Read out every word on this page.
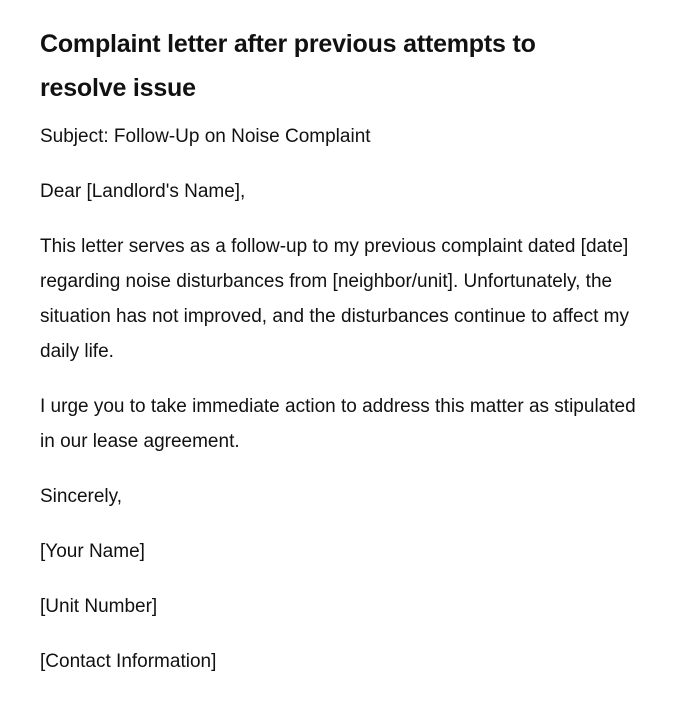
Complaint letter after previous attempts to resolve issue

Subject: Follow-Up on Noise Complaint

Dear [Landlord's Name],

This letter serves as a follow-up to my previous complaint dated [date] regarding noise disturbances from [neighbor/unit]. Unfortunately, the situation has not improved, and the disturbances continue to affect my daily life.

I urge you to take immediate action to address this matter as stipulated in our lease agreement.

Sincerely,

[Your Name]

[Unit Number]

[Contact Information]
